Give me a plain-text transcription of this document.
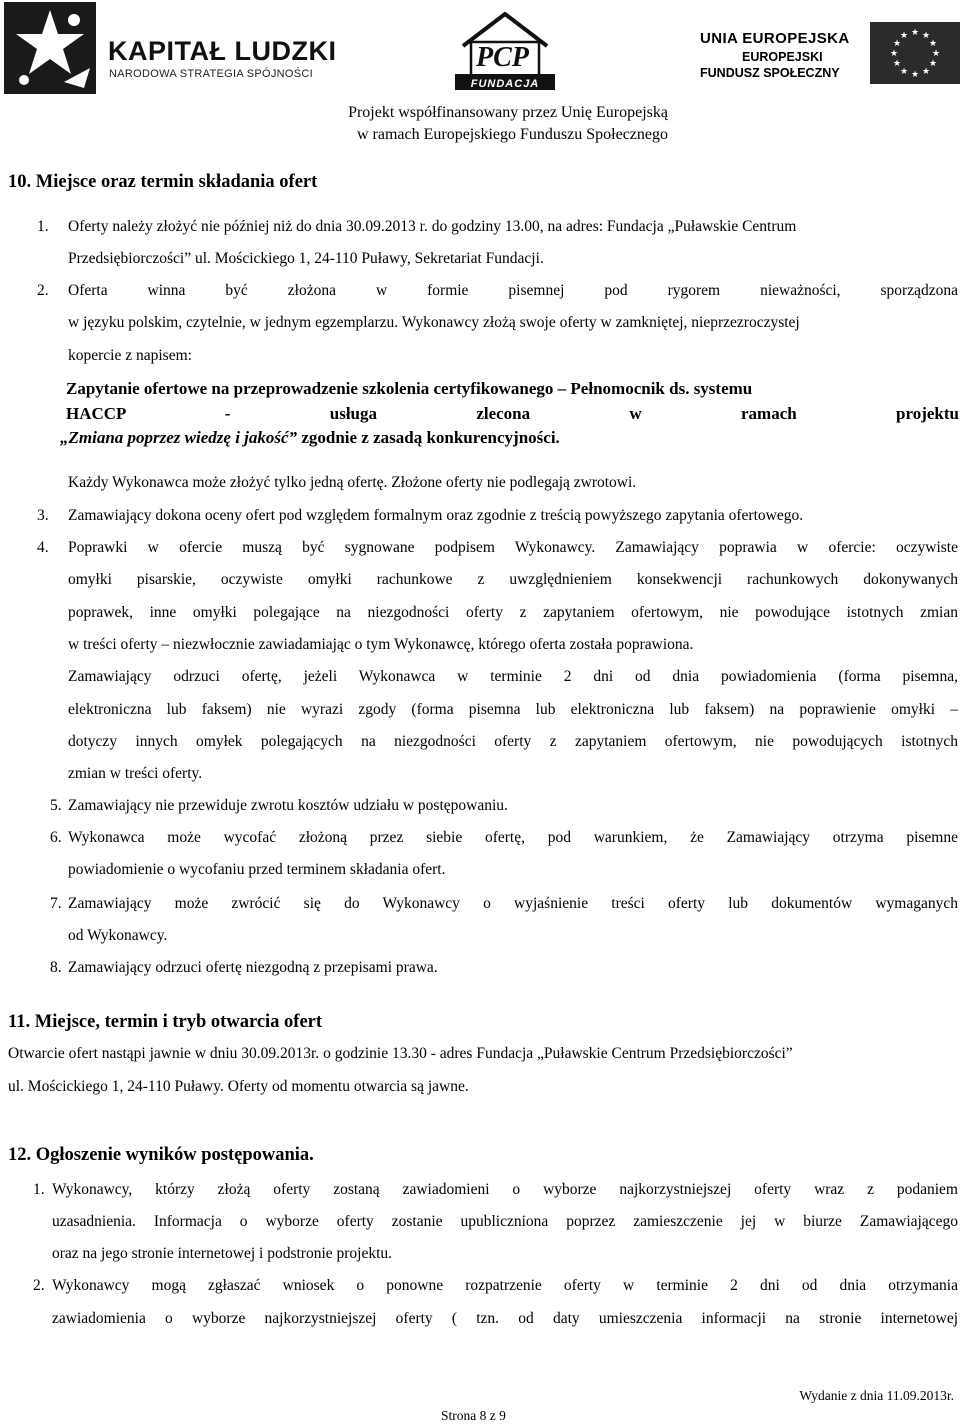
KAPITAŁ LUDZKI
NARODOWA STRATEGIA SPÓJNOŚCI
PCP
FUNDACJA
UNIA EUROPEJSKA
EUROPEJSKI
FUNDUSZ SPOŁECZNY
★ ★
★
★
★
★
★
★
★
★
★
★
Projekt współfinansowany przez Unię Europejską
w ramach Europejskiego Funduszu Społecznego
10. Miejsce oraz termin składania ofert
1. Oferty należy złożyć nie później niż do dnia 30.09.2013 r. do godziny 13.00, na adres: Fundacja „Puławskie Centrum
Przedsiębiorczości” ul. Mościckiego 1, 24-110 Puławy, Sekretariat Fundacji.
2. Oferta winna być złożona w formie pisemnej pod rygorem nieważności, sporządzona
w języku polskim, czytelnie, w jednym egzemplarzu. Wykonawcy złożą swoje oferty w zamkniętej, nieprzezroczystej
kopercie z napisem:
Zapytanie ofertowe na przeprowadzenie szkolenia certyfikowanego – Pełnomocnik ds. systemu
HACCP - usługa zlecona w ramach projektu
„Zmiana poprzez wiedzę i jakość” zgodnie z zasadą konkurencyjności.
Każdy Wykonawca może złożyć tylko jedną ofertę. Złożone oferty nie podlegają zwrotowi.
3. Zamawiający dokona oceny ofert pod względem formalnym oraz zgodnie z treścią powyższego zapytania ofertowego.
4. Poprawki w ofercie muszą być sygnowane podpisem Wykonawcy. Zamawiający poprawia w ofercie: oczywiste
omyłki pisarskie, oczywiste omyłki rachunkowe z uwzględnieniem konsekwencji rachunkowych dokonywanych
poprawek, inne omyłki polegające na niezgodności oferty z zapytaniem ofertowym, nie powodujące istotnych zmian
w treści oferty – niezwłocznie zawiadamiając o tym Wykonawcę, którego oferta została poprawiona.
Zamawiający odrzuci ofertę, jeżeli Wykonawca w terminie 2 dni od dnia powiadomienia (forma pisemna,
elektroniczna lub faksem) nie wyrazi zgody (forma pisemna lub elektroniczna lub faksem) na poprawienie omyłki –
dotyczy innych omyłek polegających na niezgodności oferty z zapytaniem ofertowym, nie powodujących istotnych
zmian w treści oferty.
5. Zamawiający nie przewiduje zwrotu kosztów udziału w postępowaniu.
6. Wykonawca może wycofać złożoną przez siebie ofertę, pod warunkiem, że Zamawiający otrzyma pisemne
powiadomienie o wycofaniu przed terminem składania ofert.
7. Zamawiający może zwrócić się do Wykonawcy o wyjaśnienie treści oferty lub dokumentów wymaganych
od Wykonawcy.
8. Zamawiający odrzuci ofertę niezgodną z przepisami prawa.
11. Miejsce, termin i tryb otwarcia ofert
Otwarcie ofert nastąpi jawnie w dniu 30.09.2013r. o godzinie 13.30 - adres Fundacja „Puławskie Centrum Przedsiębiorczości”
ul. Mościckiego 1, 24-110 Puławy. Oferty od momentu otwarcia są jawne.
12. Ogłoszenie wyników postępowania.
1. Wykonawcy, którzy złożą oferty zostaną zawiadomieni o wyborze najkorzystniejszej oferty wraz z podaniem
uzasadnienia. Informacja o wyborze oferty zostanie upubliczniona poprzez zamieszczenie jej w biurze Zamawiającego
oraz na jego stronie internetowej i podstronie projektu.
2. Wykonawcy mogą zgłaszać wniosek o ponowne rozpatrzenie oferty w terminie 2 dni od dnia otrzymania
zawiadomienia o wyborze najkorzystniejszej oferty ( tzn. od daty umieszczenia informacji na stronie internetowej
Wydanie z dnia 11.09.2013r.
Strona 8 z 9
